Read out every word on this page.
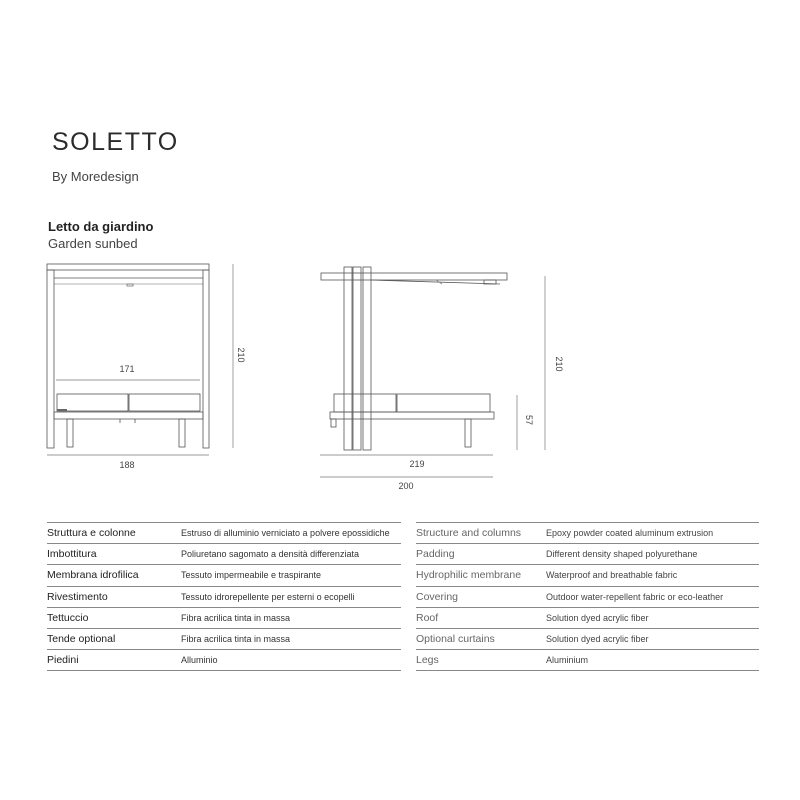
SOLETTO
By Moredesign
Letto da giardino
Garden sunbed
171
188
210
210
57
219
200
Struttura e colonne	Estruso di alluminio verniciato a polvere epossidiche
Imbottitura	Poliuretano sagomato a densità differenziata
Membrana idrofilica	Tessuto impermeabile e traspirante
Rivestimento	Tessuto idrorepellente per esterni o ecopelli
Tettuccio	Fibra acrilica tinta in massa
Tende optional	Fibra acrilica tinta in massa
Piedini	Alluminio
Structure and columns	Epoxy powder coated aluminum extrusion
Padding	Different density shaped polyurethane
Hydrophilic membrane	Waterproof and breathable fabric
Covering	Outdoor water-repellent fabric or eco-leather
Roof	Solution dyed acrylic fiber
Optional curtains	Solution dyed acrylic fiber
Legs	Aluminium
